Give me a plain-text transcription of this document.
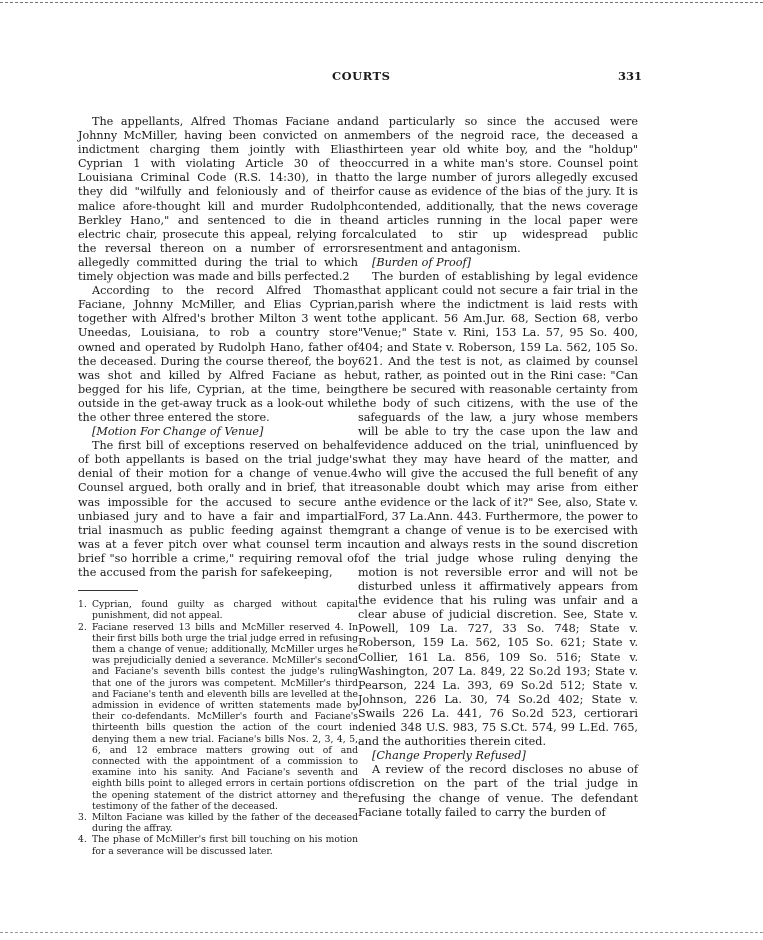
COURTS	331

The appellants, Alfred Thomas Faciane and Johnny McMiller, having been convicted on an indictment charging them jointly with Elias Cyprian 1 with violating Article 30 of the Louisiana Criminal Code (R.S. 14:30), in that they did "wilfully and feloniously and of their malice afore-thought kill and murder Rudolph Berkley Hano," and sentenced to die in the electric chair, prosecute this appeal, relying for the reversal thereon on a number of errors allegedly committed during the trial to which timely objection was made and bills perfected.2

According to the record Alfred Thomas Faciane, Johnny McMiller, and Elias Cyprian, together with Alfred's brother Milton 3 went to Uneedas, Louisiana, to rob a country store owned and operated by Rudolph Hano, father of the deceased. During the course thereof, the boy was shot and killed by Alfred Faciane as he begged for his life, Cyprian, at the time, being outside in the get-away truck as a look-out while the other three entered the store.

[Motion For Change of Venue]

The first bill of exceptions reserved on behalf of both appellants is based on the trial judge's denial of their motion for a change of venue.4 Counsel argued, both orally and in brief, that it was impossible for the accused to secure an unbiased jury and to have a fair and impartial trial inasmuch as public feeding against them was at a fever pitch over what counsel term in brief "so horrible a crime," requiring removal of the accused from the parish for safekeeping,

1. Cyprian, found guilty as charged without capital punishment, did not appeal.
2. Faciane reserved 13 bills and McMiller reserved 4. In their first bills both urge the trial judge erred in refusing them a change of venue; additionally, McMiller urges he was prejudicially denied a severance. McMiller's second and Faciane's seventh bills contest the judge's ruling that one of the jurors was competent. McMiller's third and Faciane's tenth and eleventh bills are levelled at the admission in evidence of written statements made by their co-defendants. McMiller's fourth and Faciane's thirteenth bills question the action of the court in denying them a new trial. Faciane's bills Nos. 2, 3, 4, 5, 6, and 12 embrace matters growing out of and connected with the appointment of a commission to examine into his sanity. And Faciane's seventh and eighth bills point to alleged errors in certain portions of the opening statement of the district attorney and the testimony of the father of the deceased.
3. Milton Faciane was killed by the father of the deceased during the affray.
4. The phase of McMiller's first bill touching on his motion for a severance will be discussed later.

and particularly so since the accused were members of the negroid race, the deceased a thirteen year old white boy, and the "holdup" occurred in a white man's store. Counsel point to the large number of jurors allegedly excused for cause as evidence of the bias of the jury. It is contended, additionally, that the news coverage and articles running in the local paper were calculated to stir up widespread public resentment and antagonism.

[Burden of Proof]

The burden of establishing by legal evidence that applicant could not secure a fair trial in the parish where the indictment is laid rests with the applicant. 56 Am.Jur. 68, Section 68, verbo "Venue;" State v. Rini, 153 La. 57, 95 So. 400, 404; and State v. Roberson, 159 La. 562, 105 So. 621. And the test is not, as claimed by counsel but, rather, as pointed out in the Rini case: "Can there be secured with reasonable certainty from the body of such citizens, with the use of the safeguards of the law, a jury whose members will be able to try the case upon the law and evidence adduced on the trial, uninfluenced by what they may have heard of the matter, and who will give the accused the full benefit of any reasonable doubt which may arise from either the evidence or the lack of it?" See, also, State v. Ford, 37 La.Ann. 443. Furthermore, the power to grant a change of venue is to be exercised with caution and always rests in the sound discretion of the trial judge whose ruling denying the motion is not reversible error and will not be disturbed unless it affirmatively appears from the evidence that his ruling was unfair and a clear abuse of judicial discretion. See, State v. Powell, 109 La. 727, 33 So. 748; State v. Roberson, 159 La. 562, 105 So. 621; State v. Collier, 161 La. 856, 109 So. 516; State v. Washington, 207 La. 849, 22 So.2d 193; State v. Pearson, 224 La. 393, 69 So.2d 512; State v. Johnson, 226 La. 30, 74 So.2d 402; State v. Swails 226 La. 441, 76 So.2d 523, certiorari denied 348 U.S. 983, 75 S.Ct. 574, 99 L.Ed. 765, and the authorities therein cited.

[Change Properly Refused]

A review of the record discloses no abuse of discretion on the part of the trial judge in refusing the change of venue. The defendant Faciane totally failed to carry the burden of
